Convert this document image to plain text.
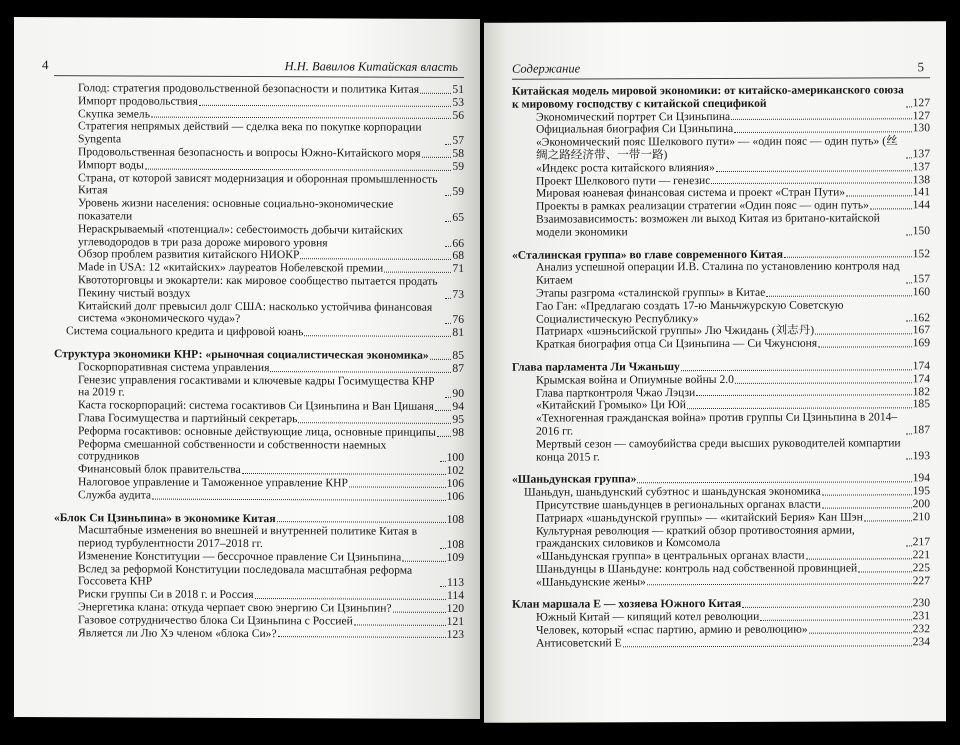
4	Н.Н. Вавилов Китайская власть
Голод: стратегия продовольственной безопасности и политика Китая	51
Импорт продовольствия	53
Скупка земель	56
Стратегия непрямых действий — сделка века по покупке корпорации Syngenta	57
Продовольственная безопасность и вопросы Южно-Китайского моря	58
Импорт воды	59
Страна, от которой зависят модернизация и оборонная промышленность Китая	59
Уровень жизни населения: основные социально-экономические показатели	65
Нераскрываемый «потенциал»: себестоимость добычи китайских углеводородов в три раза дороже мирового уровня	66
Обзор проблем развития китайского НИОКР	68
Made in USA: 12 «китайских» лауреатов Нобелевской премии	71
Квототорговцы и экокартели: как мировое сообщество пытается продать Пекину чистый воздух	73
Китайский долг превысил долг США: насколько устойчива финансовая система «экономического чуда»?	76
Система социального кредита и цифровой юань	81
Структура экономики КНР: «рыночная социалистическая экономика» 85
Госкорпоративная система управления	87
Генезис управления госактивами и ключевые кадры Госимущества КНР на 2019 г.	90
Каста госкорпораций: система госактивов Си Цзиньпина и Ван Цишаня 94
Глава Госимущества и партийный секретарь	95
Реформа госактивов: основные действующие лица, основные принципы 98
Реформа смешанной собственности и собственности наемных сотрудников	100
Финансовый блок правительства	102
Налоговое управление и Таможенное управление КНР	106
Служба аудита	106
«Блок Си Цзиньпина» в экономике Китая	108
Масштабные изменения во внешней и внутренней политике Китая в период турбулентности 2017–2018 гг.	108
Изменение Конституции — бессрочное правление Си Цзиньпина	109
Вслед за реформой Конституции последовала масштабная реформа Госсовета КНР	113
Риски группы Си в 2018 г. и Россия	114
Энергетика клана: откуда черпает свою энергию Си Цзиньпин?	120
Газовое сотрудничество блока Си Цзиньпина с Россией	121
Является ли Лю Хэ членом «блока Си»?	123
Содержание	5
Китайская модель мировой экономики: от китайско-американского союза к мировому господству с китайской спецификой	127
Экономический портрет Си Цзиньпина	127
Официальная биография Си Цзиньпина	130
«Экономический пояс Шелкового пути» — «один пояс — один путь» (丝绸之路经济带、一带一路)	137
«Индекс роста китайского влияния»	137
Проект Шелкового пути — генезис	138
Мировая юаневая финансовая система и проект «Стран Пути»	141
Проекты в рамках реализации стратегии «Один пояс — один путь»	144
Взаимозависимость: возможен ли выход Китая из британо-китайской модели экономики	150
«Сталинская группа» во главе современного Китая	152
Анализ успешной операции И.В. Сталина по установлению контроля над Китаем	157
Этапы разгрома «сталинской группы» в Китае	160
Гао Ган: «Предлагаю создать 17-ю Маньчжурскую Советскую Социалистическую Республику»	162
Патриарх «шэньсийской группы» Лю Чжидань (刘志丹)	167
Краткая биография отца Си Цзиньпина — Си Чжунсюня	169
Глава парламента Ли Чжаньшу	174
Крымская война и Опиумные войны 2.0	174
Глава партконтроля Чжао Лэцзи	182
«Китайский Громыко» Ци Юй	185
«Техногенная гражданская война» против группы Си Цзиньпина в 2014–2016 гг.	187
Мертвый сезон — самоубийства среди высших руководителей компартии конца 2015 г.	193
«Шаньдунская группа»	194
Шаньдун, шаньдунский субэтнос и шаньдунская экономика	195
Присутствие шаньдунцев в региональных органах власти	200
Патриарх «шаньдунской группы» — «китайский Берия» Кан Шэн	210
Культурная революция — краткий обзор противостояния армии, гражданских силовиков и Комсомола	217
«Шаньдунская группа» в центральных органах власти	221
Шаньдунцы в Шаньдуне: контроль над собственной провинцией	225
«Шаньдунские жены»	227
Клан маршала Е — хозяева Южного Китая	230
Южный Китай — кипящий котел революции	231
Человек, который «спас партию, армию и революцию»	232
Антисоветский Е	234
